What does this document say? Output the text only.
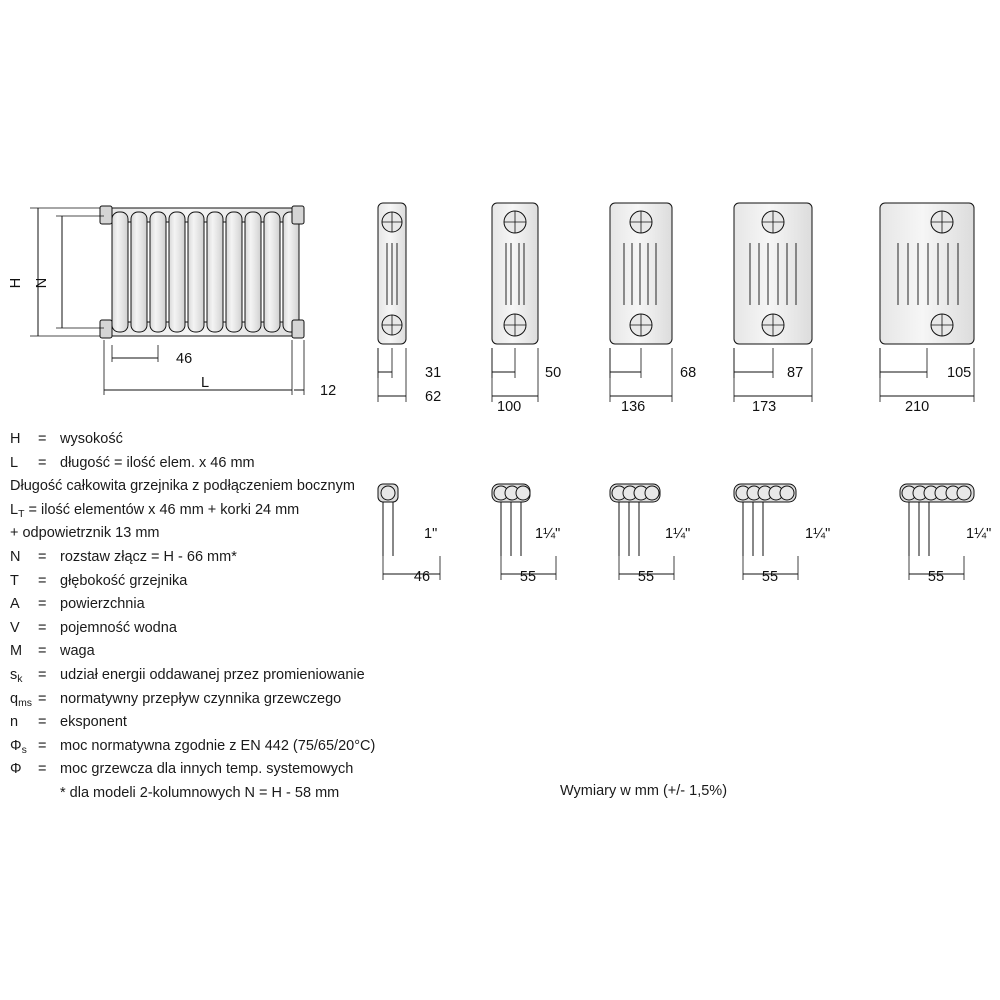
H N
46
L	12
31
62
50
100
68
136
87
173
105
210
1"
46
1¼"
55
1¼"
55
1¼"
55
1¼"
55
H	= wysokość
L	= długość = ilość elem. x 46 mm
Długość całkowita grzejnika z podłączeniem bocznym
$L_T$ = ilość elementów x 46 mm + korki 24 mm
+ odpowietrznik 13 mm
N	= rozstaw złącz = H - 66 mm*
T	= głębokość grzejnika
A	= powierzchnia
V	= pojemność wodna
M	= waga
$s_k$	= udział energii oddawanej przez promieniowanie
$q_{ms}$ = normatywny przepływ czynnika grzewczego
n	= eksponent
$\Phi_s$ = moc normatywna zgodnie z EN 442 (75/65/20°C)
Φ	= moc grzewcza dla innych temp. systemowych
* dla modeli 2-kolumnowych N = H - 58 mm	Wymiary w mm (+/- 1,5%)
